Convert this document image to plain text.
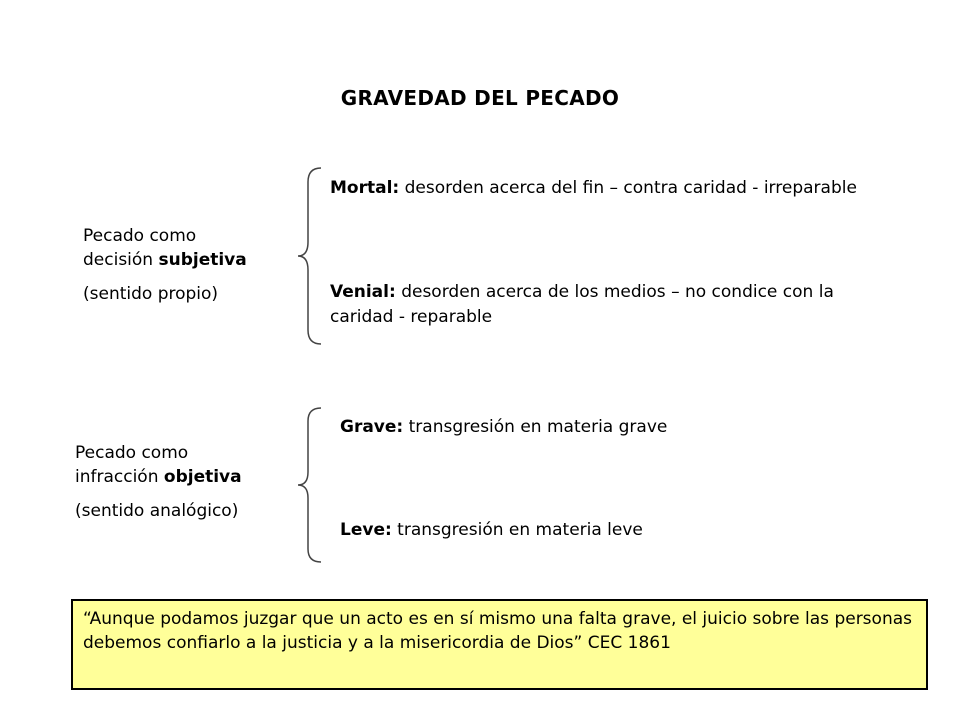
GRAVEDAD DEL PECADO

Pecado como

decisión subjetiva

(sentido propio)

Mortal: desorden acerca del fin – contra caridad - irreparable
Venial: desorden acerca de los medios – no condice con la caridad - reparable

Pecado como

infracción objetiva

(sentido analógico)

Grave: transgresión en materia grave
Leve: transgresión en materia leve
“Aunque podamos juzgar que un acto es en sí mismo una falta grave, el juicio sobre las personas debemos confiarlo a la justicia y a la misericordia de Dios” CEC 1861
